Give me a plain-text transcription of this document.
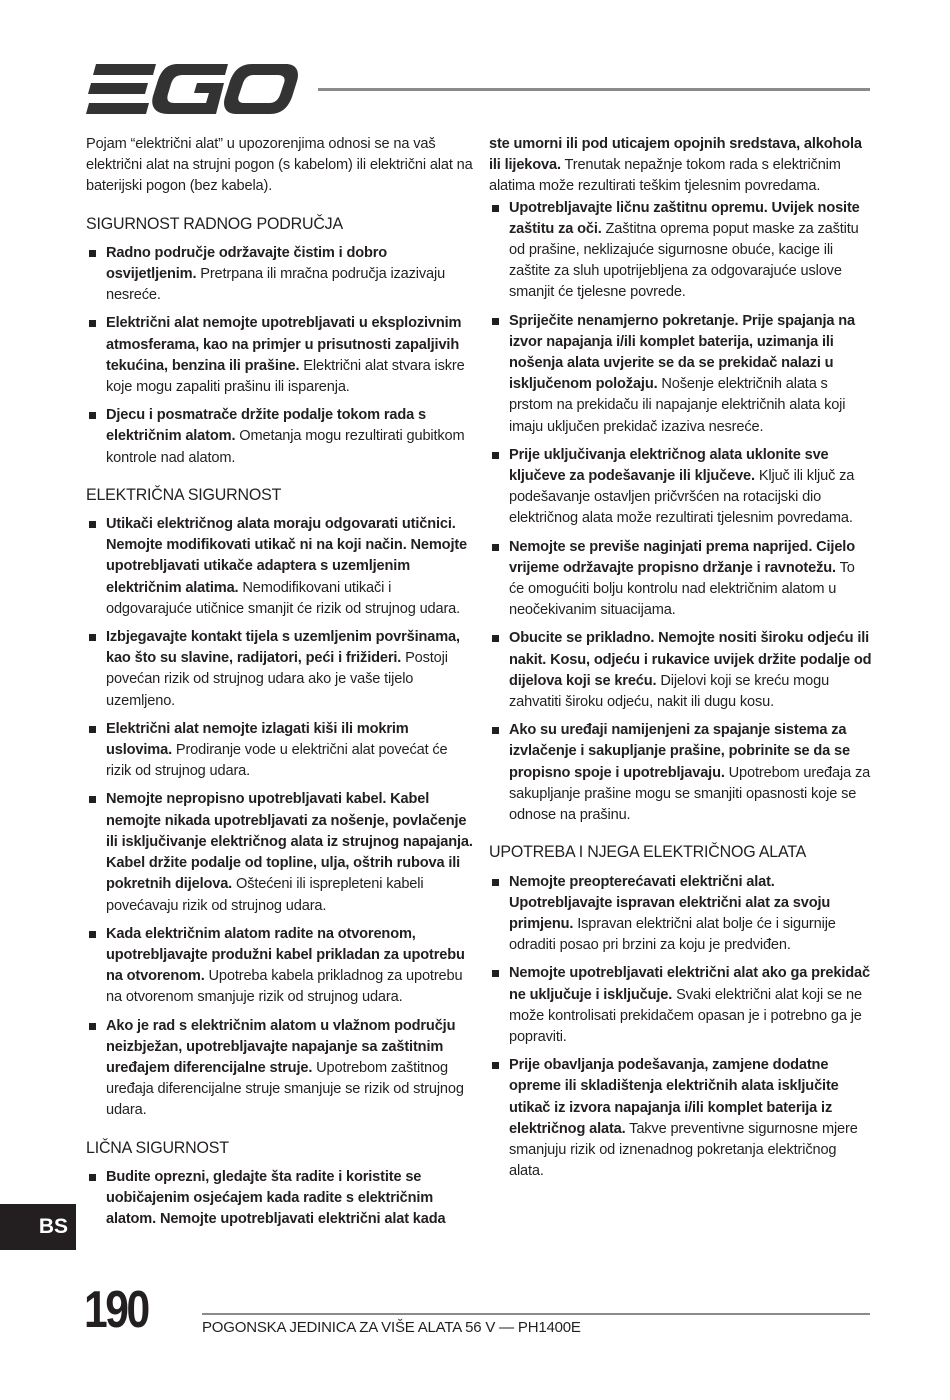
Pojam “električni alat” u upozorenjima odnosi se na vaš električni alat na strujni pogon (s kabelom) ili električni alat na baterijski pogon (bez kabela).

SIGURNOST RADNOG PODRUČJA
Radno područje održavajte čistim i dobro osvijetljenim. Pretrpana ili mračna područja izazivaju nesreće.
Električni alat nemojte upotrebljavati u eksplozivnim atmosferama, kao na primjer u prisutnosti zapaljivih tekućina, benzina ili prašine. Električni alat stvara iskre koje mogu zapaliti prašinu ili isparenja.
Djecu i posmatrače držite podalje tokom rada s električnim alatom. Ometanja mogu rezultirati gubitkom kontrole nad alatom.
ELEKTRIČNA SIGURNOST
Utikači električnog alata moraju odgovarati utičnici. Nemojte modifikovati utikač ni na koji način. Nemojte upotrebljavati utikače adaptera s uzemljenim električnim alatima. Nemodifikovani utikači i odgovarajuće utičnice smanjit će rizik od strujnog udara.
Izbjegavajte kontakt tijela s uzemljenim površinama, kao što su slavine, radijatori, peći i frižideri. Postoji povećan rizik od strujnog udara ako je vaše tijelo uzemljeno.
Električni alat nemojte izlagati kiši ili mokrim uslovima. Prodiranje vode u električni alat povećat će rizik od strujnog udara.
Nemojte nepropisno upotrebljavati kabel. Kabel nemojte nikada upotrebljavati za nošenje, povlačenje ili isključivanje električnog alata iz strujnog napajanja. Kabel držite podalje od topline, ulja, oštrih rubova ili pokretnih dijelova. Oštećeni ili isprepleteni kabeli povećavaju rizik od strujnog udara.
Kada električnim alatom radite na otvorenom, upotrebljavajte produžni kabel prikladan za upotrebu na otvorenom. Upotreba kabela prikladnog za upotrebu na otvorenom smanjuje rizik od strujnog udara.
Ako je rad s električnim alatom u vlažnom području neizbježan, upotrebljavajte napajanje sa zaštitnim uređajem diferencijalne struje. Upotrebom zaštitnog uređaja diferencijalne struje smanjuje se rizik od strujnog udara.
LIČNA SIGURNOST
Budite oprezni, gledajte šta radite i koristite se uobičajenim osjećajem kada radite s električnim alatom. Nemojte upotrebljavati električni alat kada

ste umorni ili pod uticajem opojnih sredstava, alkohola ili lijekova. Trenutak nepažnje tokom rada s električnim alatima može rezultirati teškim tjelesnim povredama.

Upotrebljavajte ličnu zaštitnu opremu. Uvijek nosite zaštitu za oči. Zaštitna oprema poput maske za zaštitu od prašine, neklizajuće sigurnosne obuće, kacige ili zaštite za sluh upotrijebljena za odgovarajuće uslove smanjit će tjelesne povrede.
Spriječite nenamjerno pokretanje. Prije spajanja na izvor napajanja i/ili komplet baterija, uzimanja ili nošenja alata uvjerite se da se prekidač nalazi u isključenom položaju. Nošenje električnih alata s prstom na prekidaču ili napajanje električnih alata koji imaju uključen prekidač izaziva nesreće.
Prije uključivanja električnog alata uklonite sve ključeve za podešavanje ili ključeve. Ključ ili ključ za podešavanje ostavljen pričvršćen na rotacijski dio električnog alata može rezultirati tjelesnim povredama.
Nemojte se previše naginjati prema naprijed. Cijelo vrijeme održavajte propisno držanje i ravnotežu. To će omogućiti bolju kontrolu nad električnim alatom u neočekivanim situacijama.
Obucite se prikladno. Nemojte nositi široku odjeću ili nakit. Kosu, odjeću i rukavice uvijek držite podalje od dijelova koji se kreću. Dijelovi koji se kreću mogu zahvatiti široku odjeću, nakit ili dugu kosu.
Ako su uređaji namijenjeni za spajanje sistema za izvlačenje i sakupljanje prašine, pobrinite se da se propisno spoje i upotrebljavaju. Upotrebom uređaja za sakupljanje prašine mogu se smanjiti opasnosti koje se odnose na prašinu.
UPOTREBA I NJEGA ELEKTRIČNOG ALATA
Nemojte preopterećavati električni alat. Upotrebljavajte ispravan električni alat za svoju primjenu. Ispravan električni alat bolje će i sigurnije odraditi posao pri brzini za koju je predviđen.
Nemojte upotrebljavati električni alat ako ga prekidač ne uključuje i isključuje. Svaki električni alat koji se ne može kontrolisati prekidačem opasan je i potrebno ga je popraviti.
Prije obavljanja podešavanja, zamjene dodatne opreme ili skladištenja električnih alata isključite utikač iz izvora napajanja i/ili komplet baterija iz električnog alata. Takve preventivne sigurnosne mjere smanjuju rizik od iznenadnog pokretanja električnog alata.
BS
190	POGONSKA JEDINICA ZA VIŠE ALATA 56 V — PH1400E
